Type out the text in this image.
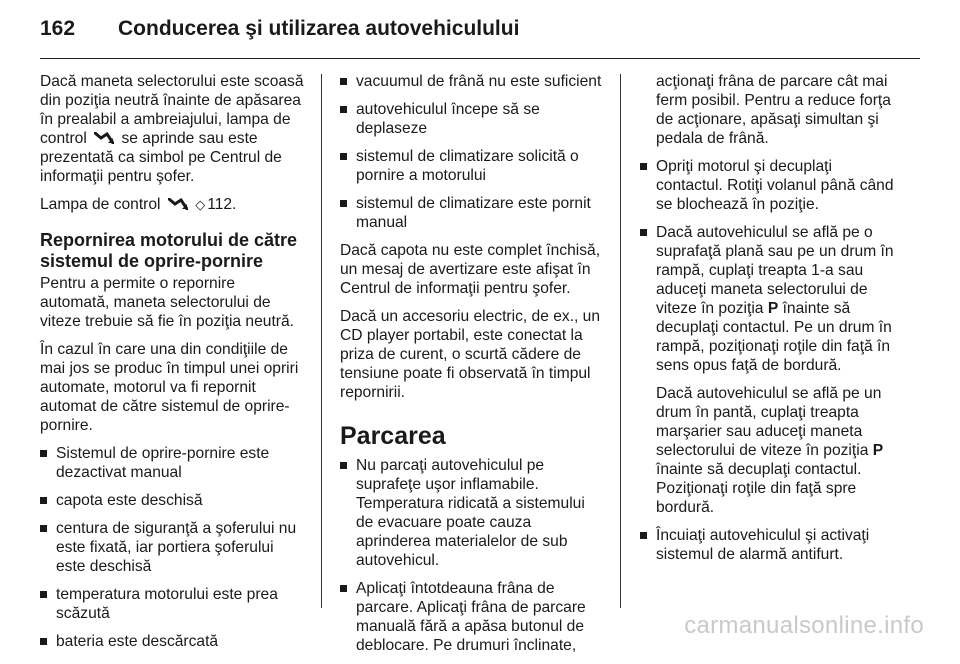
162	Conducerea şi utilizarea autovehiculului

Dacă maneta selectorului este scoasă din poziţia neutră înainte de apăsarea în prealabil a ambreiajului, lampa de control se aprinde sau este prezentată ca simbol pe Centrul de informaţii pentru şofer.

Lampa de control	◇ 112.

Repornirea motorului de către sistemul de oprire-pornire

Pentru a permite o repornire automată, maneta selectorului de viteze trebuie să fie în poziţia neutră.

În cazul în care una din condiţiile de mai jos se produc în timpul unei opriri automate, motorul va fi repornit automat de către sistemul de oprire-pornire.

Sistemul de oprire-pornire este dezactivat manual
capota este deschisă
centura de siguranţă a şoferului nu este fixată, iar portiera şoferului este deschisă
temperatura motorului este prea scăzută
bateria este descărcată
vacuumul de frână nu este suficient
autovehiculul începe să se deplaseze
sistemul de climatizare solicită o pornire a motorului
sistemul de climatizare este pornit manual

Dacă capota nu este complet închisă, un mesaj de avertizare este afişat în Centrul de informaţii pentru şofer.

Dacă un accesoriu electric, de ex., un CD player portabil, este conectat la priza de curent, o scurtă cădere de tensiune poate fi observată în timpul repornirii.

Parcarea
Nu parcaţi autovehiculul pe suprafeţe uşor inflamabile.
Temperatura ridicată a sistemului de evacuare poate cauza aprinderea materialelor de sub autovehicul.
Aplicaţi întotdeauna frâna de parcare. Aplicaţi frâna de parcare manuală fără a apăsa butonul de deblocare. Pe drumuri înclinate,
acţionaţi frâna de parcare cât mai ferm posibil. Pentru a reduce forţa de acţionare, apăsaţi simultan şi pedala de frână.
Opriţi motorul şi decuplaţi contactul. Rotiţi volanul până când se blochează în poziţie.
Dacă autovehiculul se află pe o suprafaţă plană sau pe un drum în rampă, cuplaţi treapta 1-a sau aduceţi maneta selectorului de viteze în poziţia P înainte să decuplaţi contactul. Pe un drum în rampă, poziţionaţi roţile din faţă în sens opus faţă de bordură.

Dacă autovehiculul se află pe un drum în pantă, cuplaţi treapta marşarier sau aduceţi maneta selectorului de viteze în poziţia P
înainte să decuplaţi contactul. Poziţionaţi roţile din faţă spre bordură.

Încuiaţi autovehiculul şi activaţi sistemul de alarmă antifurt.
carmanualsonline.info
